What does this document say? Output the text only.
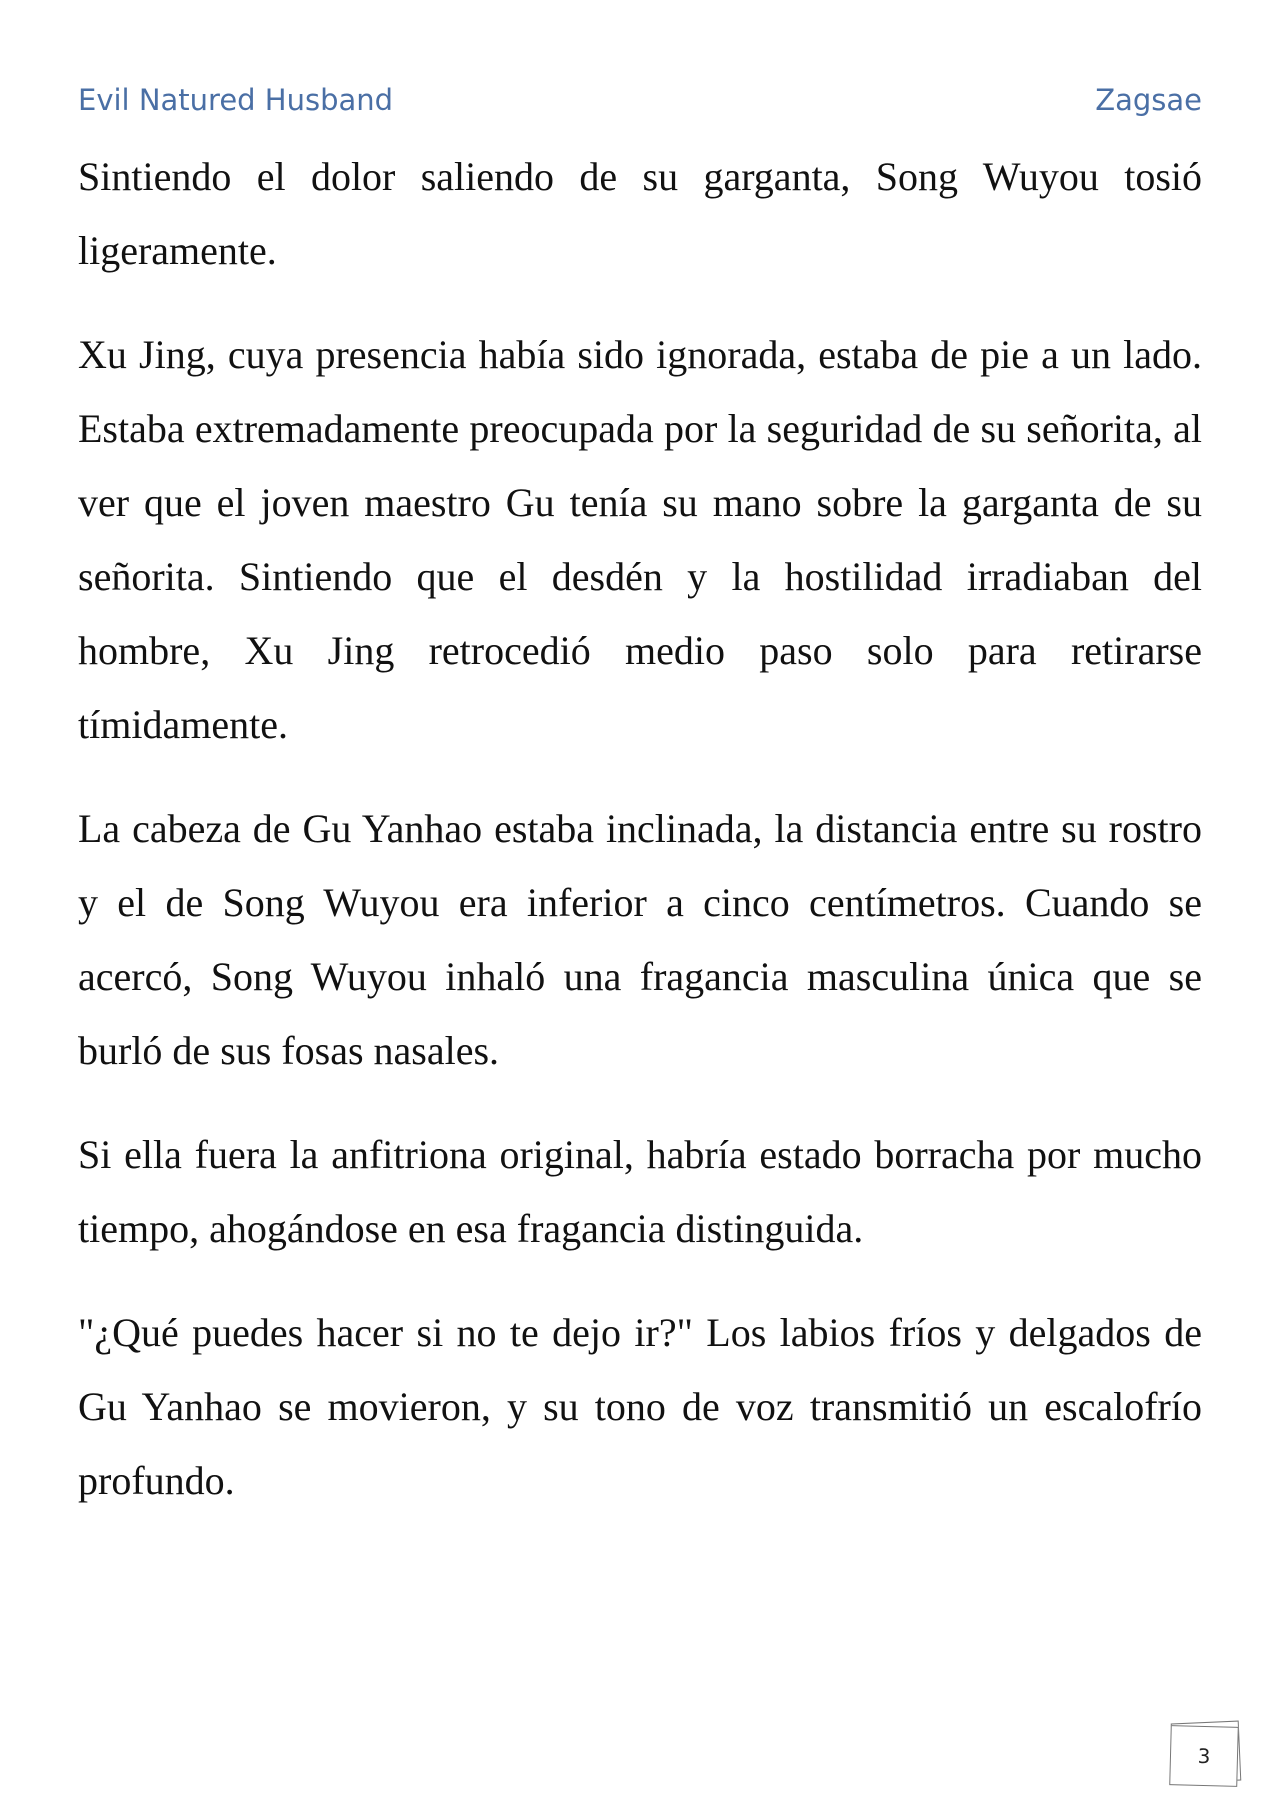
Evil Natured Husband	Zagsae

Sintiendo el dolor saliendo de su garganta, Song Wuyou tosió ligeramente.

Xu Jing, cuya presencia había sido ignorada, estaba de pie a un lado. Estaba extremadamente preocupada por la seguridad de su señorita, al ver que el joven maestro Gu tenía su mano sobre la garganta de su señorita. Sintiendo que el desdén y la hostilidad irradiaban del hombre, Xu Jing retrocedió medio paso solo para retirarse tímidamente.

La cabeza de Gu Yanhao estaba inclinada, la distancia entre su rostro y el de Song Wuyou era inferior a cinco centímetros. Cuando se acercó, Song Wuyou inhaló una fragancia masculina única que se burló de sus fosas nasales.

Si ella fuera la anfitriona original, habría estado borracha por mucho tiempo, ahogándose en esa fragancia distinguida.

"¿Qué puedes hacer si no te dejo ir?" Los labios fríos y delgados de Gu Yanhao se movieron, y su tono de voz transmitió un escalofrío profundo.

3
